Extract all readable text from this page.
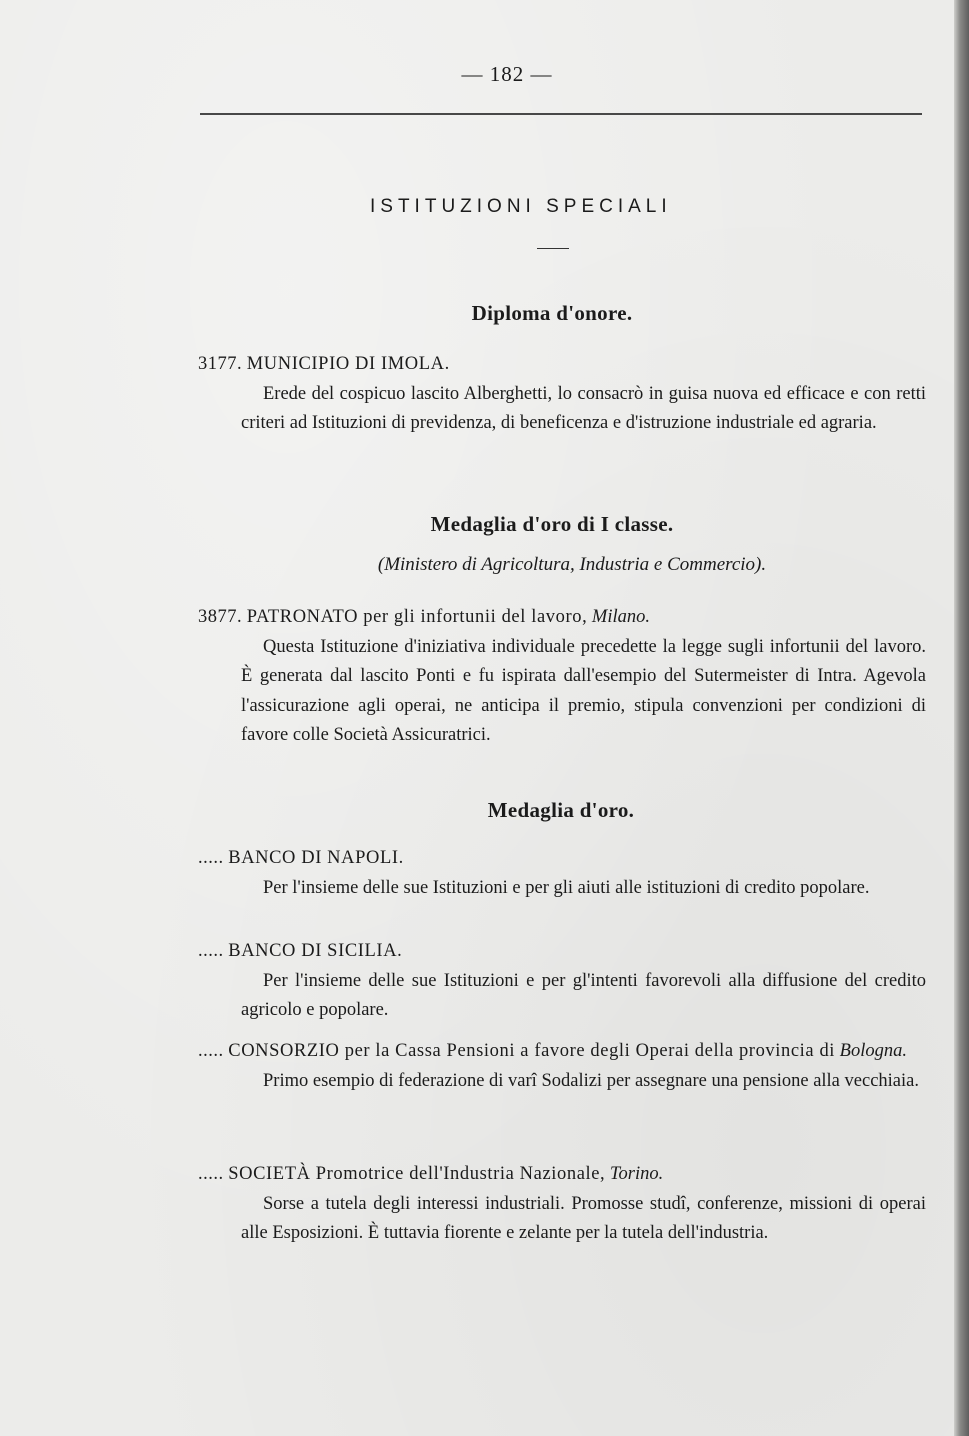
— 182 —
ISTITUZIONI SPECIALI
Diploma d'onore.
3177. MUNICIPIO DI IMOLA.
Erede del cospicuo lascito Alberghetti, lo consacrò in guisa nuova ed efficace e con retti criteri ad Istituzioni di previdenza, di beneficenza e d'istruzione industriale ed agraria.
Medaglia d'oro di I classe.
(Ministero di Agricoltura, Industria e Commercio).
3877. PATRONATO per gli infortunii del lavoro, Milano.
Questa Istituzione d'iniziativa individuale precedette la legge sugli infortunii del lavoro. È generata dal lascito Ponti e fu ispirata dall'esempio del Sutermeister di Intra. Agevola l'assicurazione agli operai, ne anticipa il premio, stipula convenzioni per condizioni di favore colle Società Assicuratrici.
Medaglia d'oro.
..... BANCO DI NAPOLI.
Per l'insieme delle sue Istituzioni e per gli aiuti alle istituzioni di credito popolare.
..... BANCO DI SICILIA.
Per l'insieme delle sue Istituzioni e per gl'intenti favorevoli alla diffusione del credito agricolo e popolare.
..... CONSORZIO per la Cassa Pensioni a favore degli Operai della provincia di Bologna.
Primo esempio di federazione di varî Sodalizi per assegnare una pensione alla vecchiaia.
..... SOCIETÀ Promotrice dell'Industria Nazionale, Torino.
Sorse a tutela degli interessi industriali. Promosse studî, conferenze, missioni di operai alle Esposizioni. È tuttavia fiorente e zelante per la tutela dell'industria.
